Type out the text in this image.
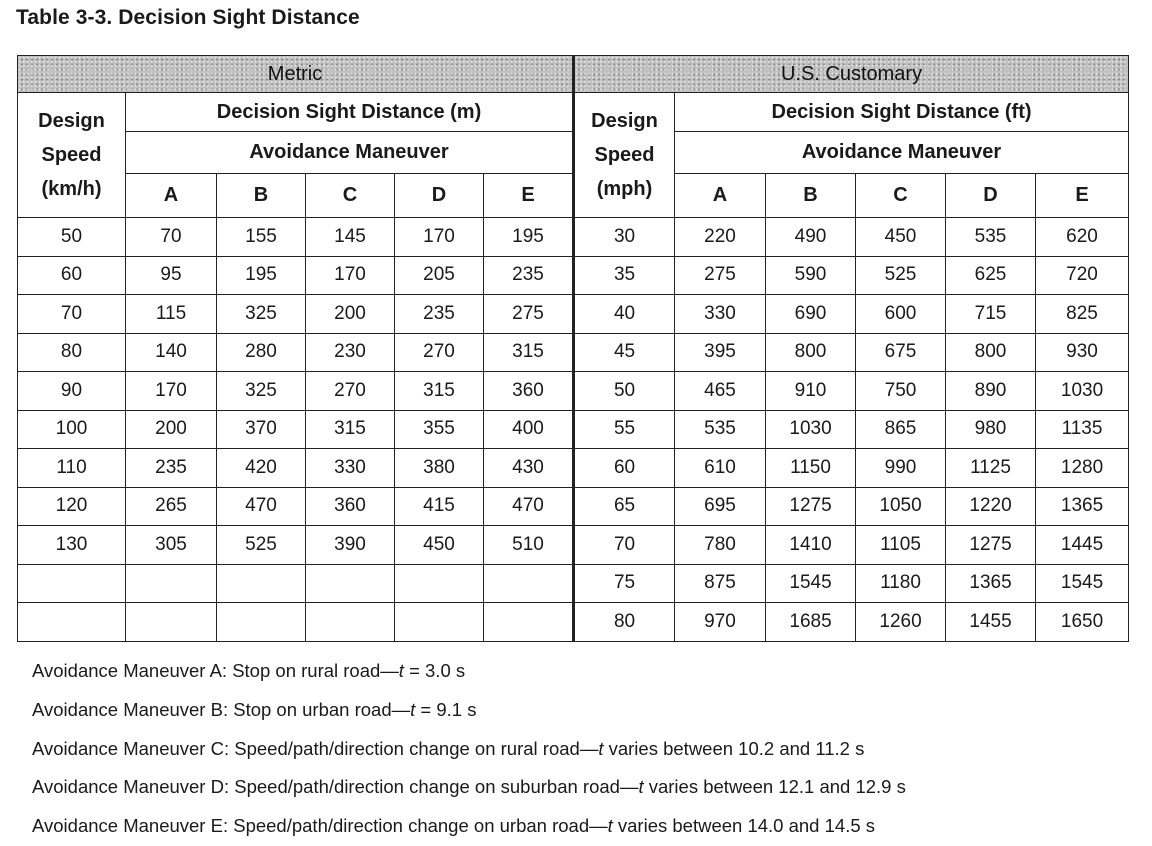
Table 3-3. Decision Sight Distance
Metric						U.S. Customary					
Design
Speed
(km/h)	Decision Sight Distance (m)					Design
Speed
(mph)	Decision Sight Distance (ft)				
	Avoidance Maneuver						Avoidance Maneuver				
	A	B	C	D	E		A	B	C	D	E
50	70	155	145	170	195	30	220	490	450	535	620
60	95	195	170	205	235	35	275	590	525	625	720
70	115	325	200	235	275	40	330	690	600	715	825
80	140	280	230	270	315	45	395	800	675	800	930
90	170	325	270	315	360	50	465	910	750	890	1030
100	200	370	315	355	400	55	535	1030	865	980	1135
110	235	420	330	380	430	60	610	1150	990	1125	1280
120	265	470	360	415	470	65	695	1275	1050	1220	1365
130	305	525	390	450	510	70	780	1410	1105	1275	1445
						75	875	1545	1180	1365	1545
						80	970	1685	1260	1455	1650
Avoidance Maneuver A: Stop on rural road—t = 3.0 s
Avoidance Maneuver B: Stop on urban road—t = 9.1 s
Avoidance Maneuver C: Speed/path/direction change on rural road—t varies between 10.2 and 11.2 s
Avoidance Maneuver D: Speed/path/direction change on suburban road—t varies between 12.1 and 12.9 s
Avoidance Maneuver E: Speed/path/direction change on urban road—t varies between 14.0 and 14.5 s
